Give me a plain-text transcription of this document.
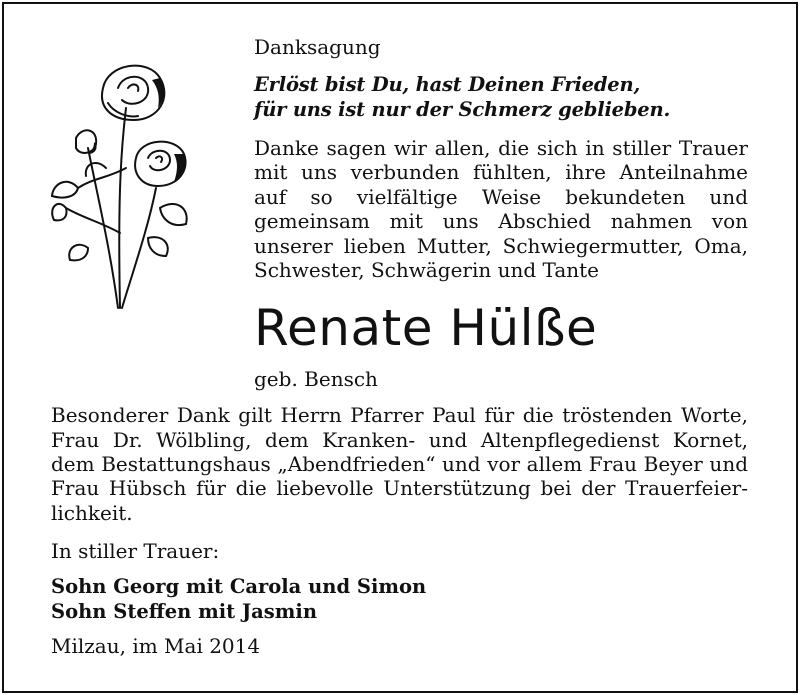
Danksagung
Erlöst bist Du, hast Deinen Frieden,
für uns ist nur der Schmerz geblieben.
Danke sagen wir allen, die sich in stiller Trauer
mit uns verbunden fühlten, ihre Anteilnahme
auf so vielfältige Weise bekundeten und
gemeinsam mit uns Abschied nahmen von
unserer lieben Mutter, Schwiegermutter, Oma,
Schwester, Schwägerin und Tante
Renate Hülße
geb. Bensch
Besonderer Dank gilt Herrn Pfarrer Paul für die tröstenden Worte,
Frau Dr. Wölbling, dem Kranken- und Altenpflegedienst Kornet,
dem Bestattungshaus „Abendfrieden“ und vor allem Frau Beyer und
Frau Hübsch für die liebevolle Unterstützung bei der Trauerfeier-
lichkeit.
In stiller Trauer:
Sohn Georg mit Carola und Simon
Sohn Steffen mit Jasmin
Milzau, im Mai 2014
